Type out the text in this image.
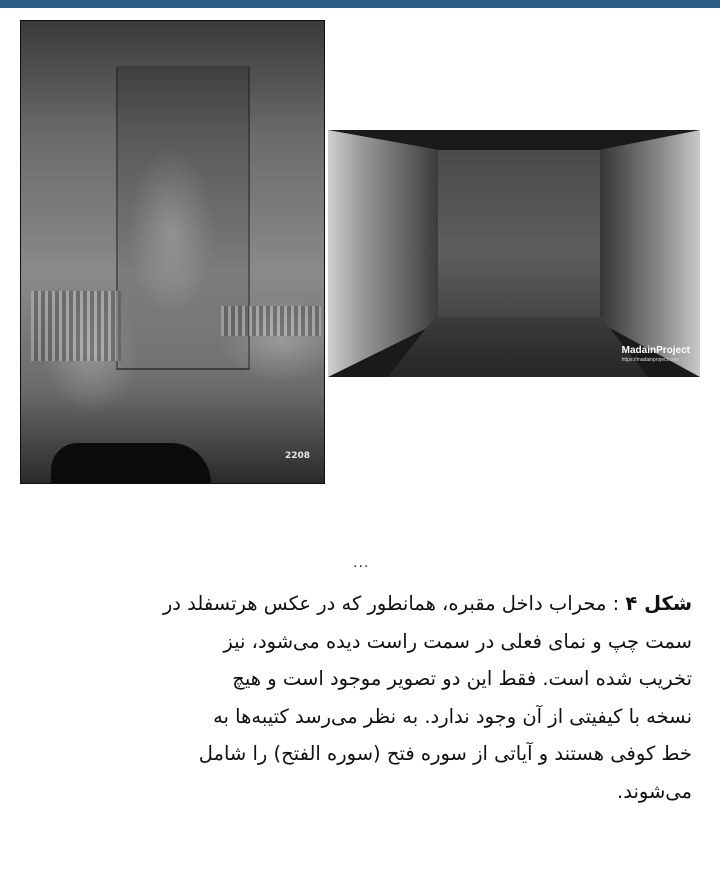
2208
MadainProject
https://madainproject.com
...
شکل ۴ : محراب داخل مقبره، همانطور که در عکس هرتسفلد در
سمت چپ و نمای فعلی در سمت راست دیده می‌شود، نیز
تخریب شده است. فقط این دو تصویر موجود است و هیچ
نسخه با کیفیتی از آن وجود ندارد. به نظر می‌رسد کتیبه‌ها به
خط کوفی هستند و آیاتی از سوره فتح (سوره الفتح) را شامل
می‌شوند.
